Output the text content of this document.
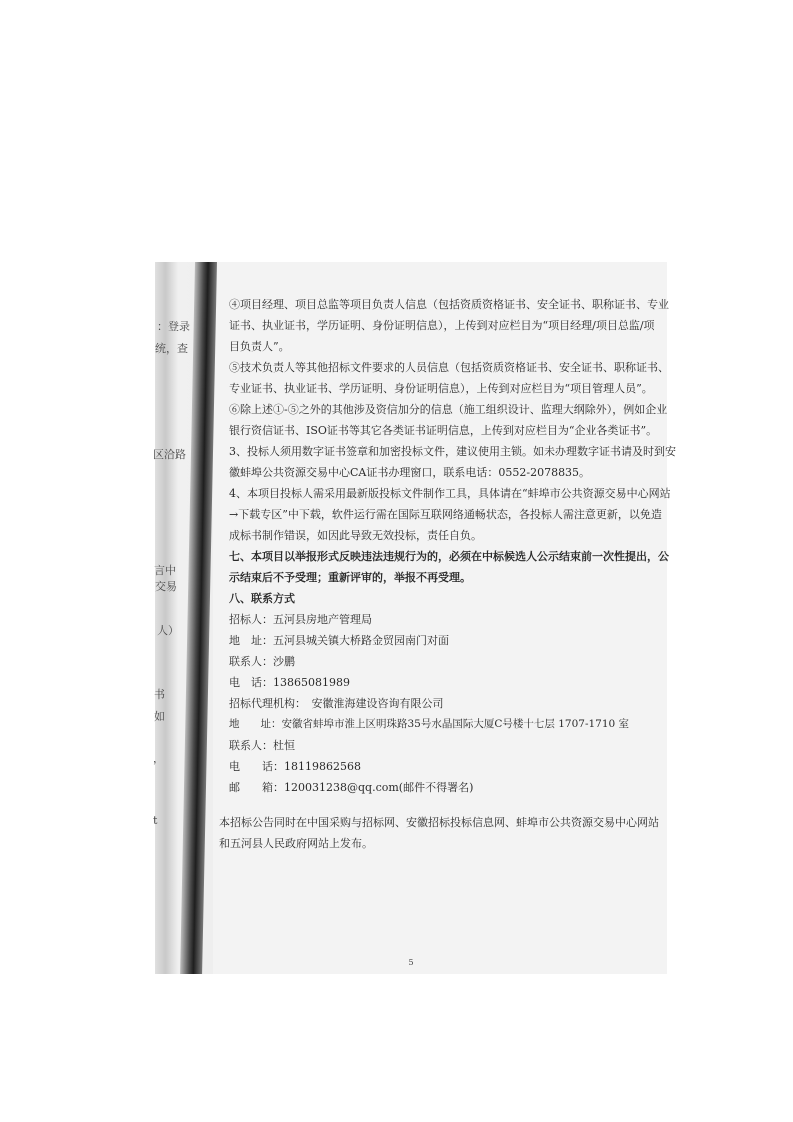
：登录
统，查
区洽路
言中
交易
人）
书
如
，
t
④项目经理、项目总监等项目负责人信息（包括资质资格证书、安全证书、职称证书、专业
证书、执业证书，学历证明、身份证明信息），上传到对应栏目为“项目经理/项目总监/项
目负责人”。
⑤技术负责人等其他招标文件要求的人员信息（包括资质资格证书、安全证书、职称证书、
专业证书、执业证书、学历证明、身份证明信息），上传到对应栏目为“项目管理人员”。
⑥除上述①-⑤之外的其他涉及资信加分的信息（施工组织设计、监理大纲除外），例如企业
银行资信证书、ISO证书等其它各类证书证明信息，上传到对应栏目为“企业各类证书”。
3、投标人须用数字证书签章和加密投标文件，建议使用主锁。如未办理数字证书请及时到安
徽蚌埠公共资源交易中心CA证书办理窗口，联系电话：0552-2078835。
4、本项目投标人需采用最新版投标文件制作工具，具体请在“蚌埠市公共资源交易中心网站
→下载专区”中下载，软件运行需在国际互联网络通畅状态，各投标人需注意更新，以免造
成标书制作错误，如因此导致无效投标，责任自负。
七、本项目以举报形式反映违法违规行为的，必须在中标候选人公示结束前一次性提出，公
示结束后不予受理；重新评审的，举报不再受理。
八、联系方式
招标人：五河县房地产管理局
地　址：五河县城关镇大桥路金贸园南门对面
联系人：沙鹏
电　话：13865081989
招标代理机构：　安徽淮海建设咨询有限公司
地　　址：安徽省蚌埠市淮上区明珠路35号水晶国际大厦C号楼十七层 1707-1710 室
联系人：杜恒
电　　话：18119862568
邮　　箱：120031238@qq.com(邮件不得署名)
本招标公告同时在中国采购与招标网、安徽招标投标信息网、蚌埠市公共资源交易中心网站
和五河县人民政府网站上发布。
5
